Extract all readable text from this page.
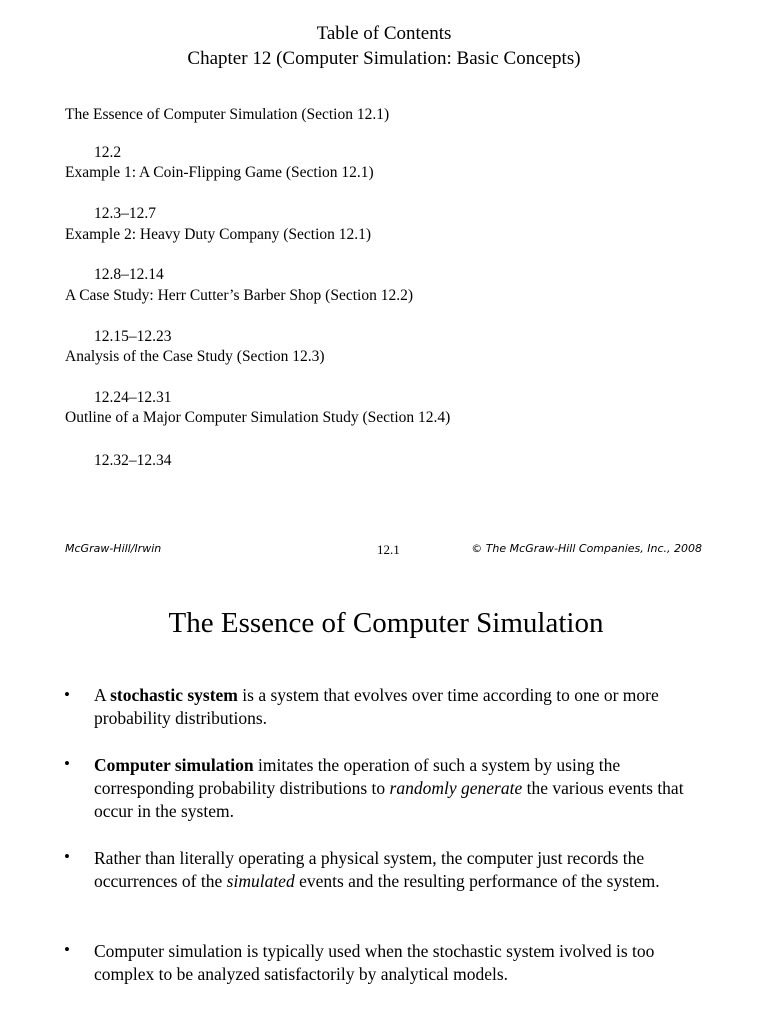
Table of Contents
Chapter 12 (Computer Simulation: Basic Concepts)
The Essence of Computer Simulation (Section 12.1)
12.2
Example 1: A Coin-Flipping Game (Section 12.1)
12.3–12.7
Example 2: Heavy Duty Company (Section 12.1)
12.8–12.14
A Case Study: Herr Cutter’s Barber Shop (Section 12.2)
12.15–12.23
Analysis of the Case Study (Section 12.3)
12.24–12.31
Outline of a Major Computer Simulation Study (Section 12.4)
12.32–12.34
McGraw-Hill/Irwin	12.1	© The McGraw-Hill Companies, Inc., 2008
The Essence of Computer Simulation
• A stochastic system is a system that evolves over time according to one or more probability distributions.
• Computer simulation imitates the operation of such a system by using the corresponding probability distributions to randomly generate the various events that occur in the system.
• Rather than literally operating a physical system, the computer just records the occurrences of the simulated events and the resulting performance of the system.
• Computer simulation is typically used when the stochastic system ivolved is too complex to be analyzed satisfactorily by analytical models.
